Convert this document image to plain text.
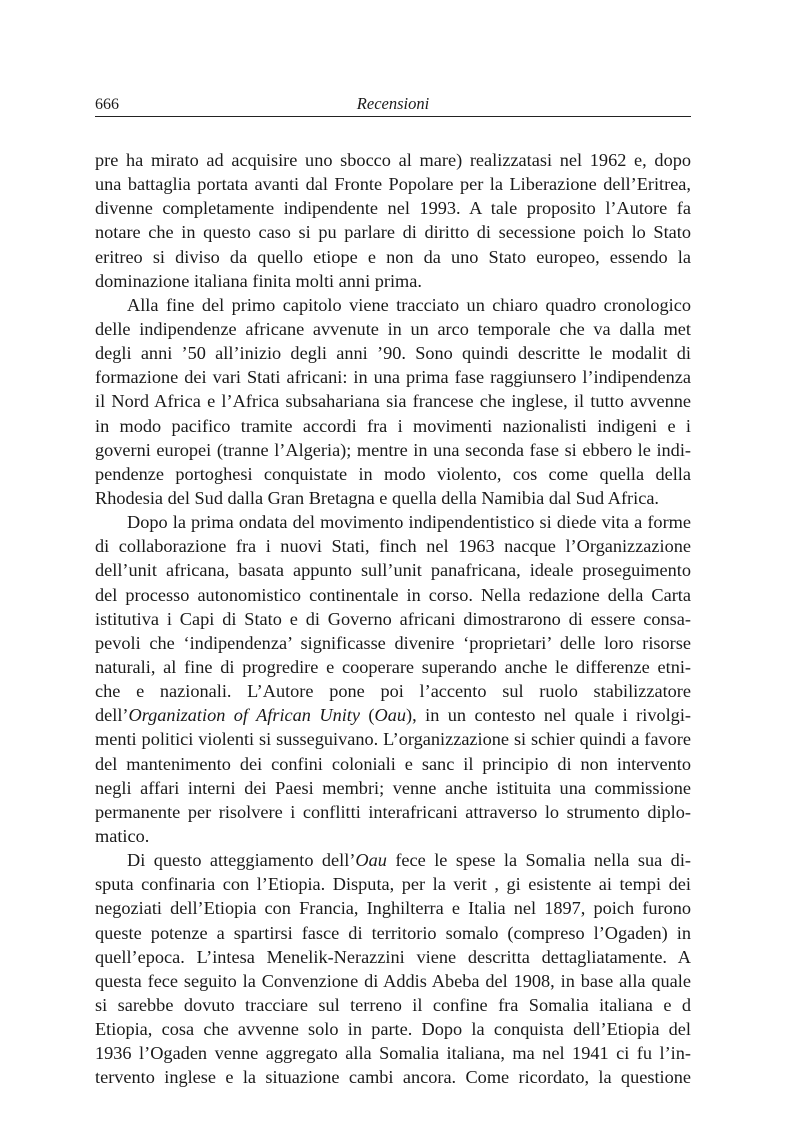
666	Recensioni
pre ha mirato ad acquisire uno sbocco al mare) realizzatasi nel 1962 e, dopo
una battaglia portata avanti dal Fronte Popolare per la Liberazione dell’Eritrea,
divenne completamente indipendente nel 1993. A tale proposito l’Autore fa
notare che in questo caso si pu parlare di diritto di secessione poich lo Stato
eritreo si diviso da quello etiope e non da uno Stato europeo, essendo la
dominazione italiana finita molti anni prima.
Alla fine del primo capitolo viene tracciato un chiaro quadro cronologico
delle indipendenze africane avvenute in un arco temporale che va dalla met
degli anni ’50 all’inizio degli anni ’90. Sono quindi descritte le modalit di
formazione dei vari Stati africani: in una prima fase raggiunsero l’indipendenza
il Nord Africa e l’Africa subsahariana sia francese che inglese, il tutto avvenne
in modo pacifico tramite accordi fra i movimenti nazionalisti indigeni e i
governi europei (tranne l’Algeria); mentre in una seconda fase si ebbero le indi-
pendenze portoghesi conquistate in modo violento, cos come quella della
Rhodesia del Sud dalla Gran Bretagna e quella della Namibia dal Sud Africa.
Dopo la prima ondata del movimento indipendentistico si diede vita a forme
di collaborazione fra i nuovi Stati, finch nel 1963 nacque l’Organizzazione
dell’unit africana, basata appunto sull’unit panafricana, ideale proseguimento
del processo autonomistico continentale in corso. Nella redazione della Carta
istitutiva i Capi di Stato e di Governo africani dimostrarono di essere consa-
pevoli che ‘indipendenza’ significasse divenire ‘proprietari’ delle loro risorse
naturali, al fine di progredire e cooperare superando anche le differenze etni-
che e nazionali. L’Autore pone poi l’accento sul ruolo stabilizzatore
dell’Organization of African Unity (Oau), in un contesto nel quale i rivolgi-
menti politici violenti si susseguivano. L’organizzazione si schier quindi a favore
del mantenimento dei confini coloniali e sanc il principio di non intervento
negli affari interni dei Paesi membri; venne anche istituita una commissione
permanente per risolvere i conflitti interafricani attraverso lo strumento diplo-
matico.
Di questo atteggiamento dell’Oau fece le spese la Somalia nella sua di-
sputa confinaria con l’Etiopia. Disputa, per la verit , gi esistente ai tempi dei
negoziati dell’Etiopia con Francia, Inghilterra e Italia nel 1897, poich furono
queste potenze a spartirsi fasce di territorio somalo (compreso l’Ogaden) in
quell’epoca. L’intesa Menelik-Nerazzini viene descritta dettagliatamente. A
questa fece seguito la Convenzione di Addis Abeba del 1908, in base alla quale
si sarebbe dovuto tracciare sul terreno il confine fra Somalia italiana e d
Etiopia, cosa che avvenne solo in parte. Dopo la conquista dell’Etiopia del
1936 l’Ogaden venne aggregato alla Somalia italiana, ma nel 1941 ci fu l’in-
tervento inglese e la situazione cambi ancora. Come ricordato, la questione
